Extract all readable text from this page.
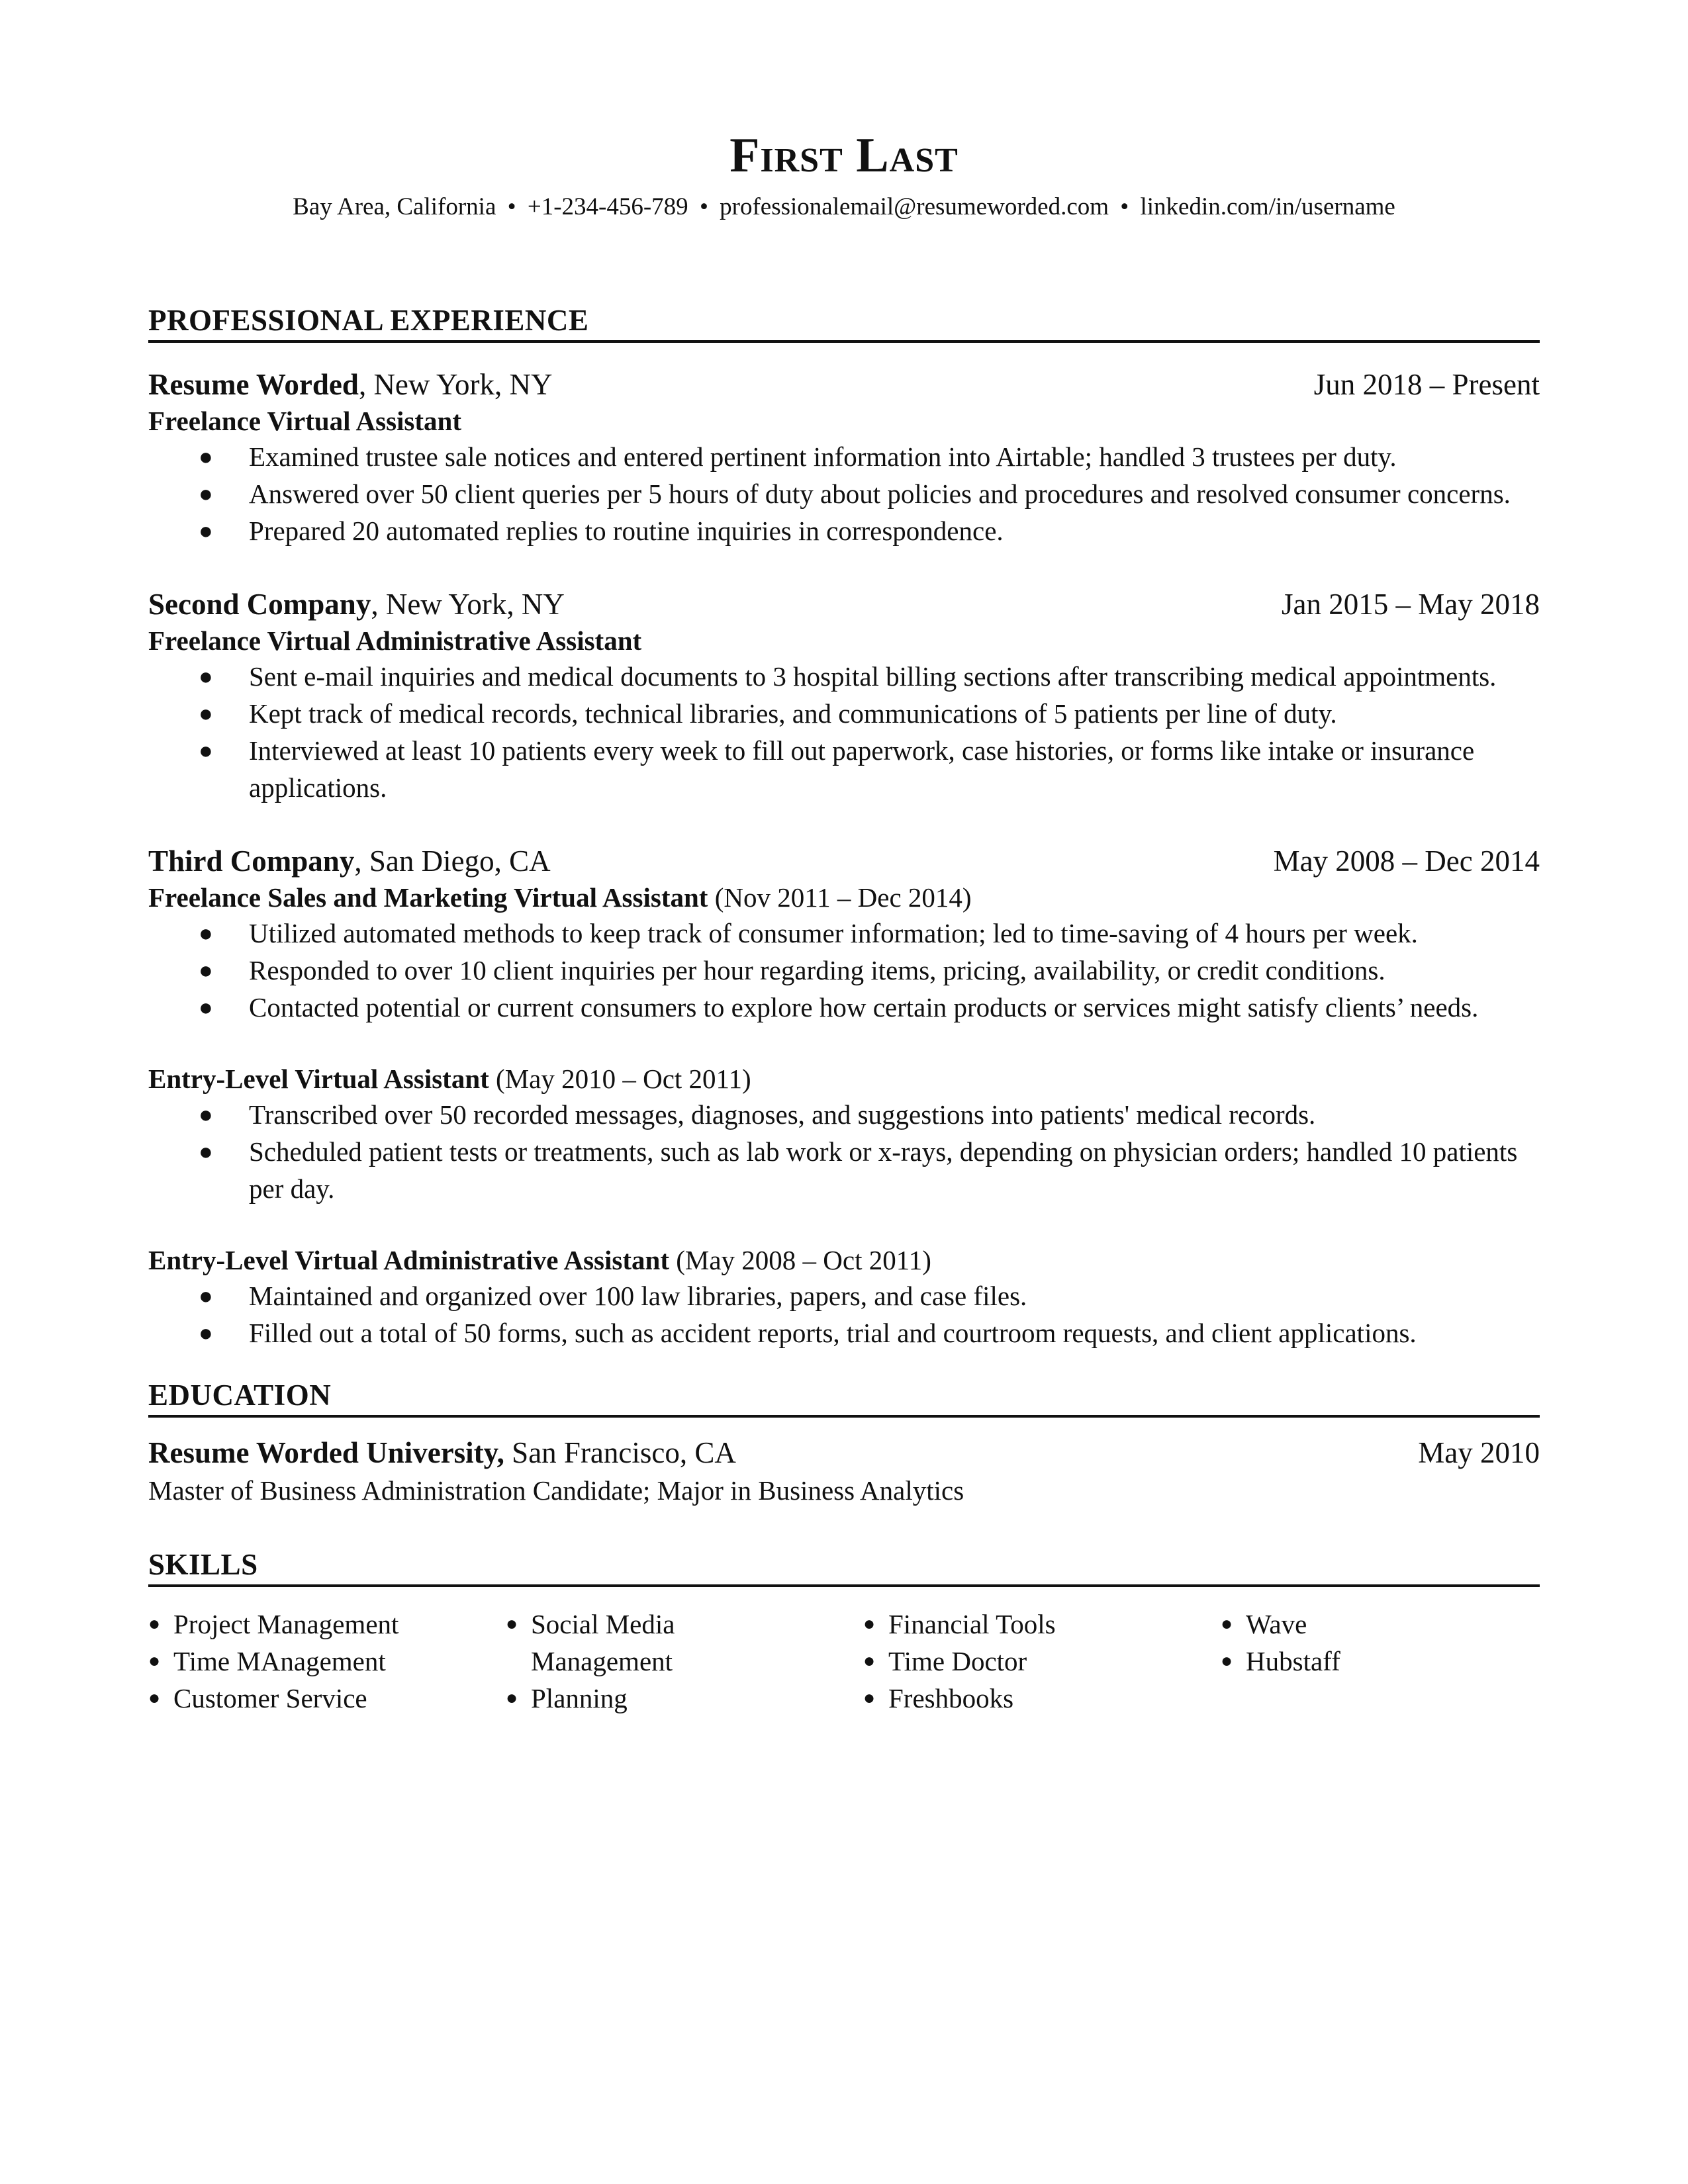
First Last
Bay Area, California • +1-234-456-789 • professionalemail@resumeworded.com • linkedin.com/in/username
PROFESSIONAL EXPERIENCE
Resume Worded, New York, NY	Jun 2018 – Present
Freelance Virtual Assistant
● Examined trustee sale notices and entered pertinent information into Airtable; handled 3 trustees per duty.
● Answered over 50 client queries per 5 hours of duty about policies and procedures and resolved consumer concerns.
● Prepared 20 automated replies to routine inquiries in correspondence.
Second Company, New York, NY	Jan 2015 – May 2018
Freelance Virtual Administrative Assistant
● Sent e-mail inquiries and medical documents to 3 hospital billing sections after transcribing medical appointments.
● Kept track of medical records, technical libraries, and communications of 5 patients per line of duty.
● Interviewed at least 10 patients every week to fill out paperwork, case histories, or forms like intake or insurance applications.
Third Company, San Diego, CA	May 2008 – Dec 2014
Freelance Sales and Marketing Virtual Assistant (Nov 2011 – Dec 2014)
● Utilized automated methods to keep track of consumer information; led to time-saving of 4 hours per week.
● Responded to over 10 client inquiries per hour regarding items, pricing, availability, or credit conditions.
● Contacted potential or current consumers to explore how certain products or services might satisfy clients’ needs.
Entry-Level Virtual Assistant (May 2010 – Oct 2011)
● Transcribed over 50 recorded messages, diagnoses, and suggestions into patients' medical records.
● Scheduled patient tests or treatments, such as lab work or x-rays, depending on physician orders; handled 10 patients per day.
Entry-Level Virtual Administrative Assistant (May 2008 – Oct 2011)
● Maintained and organized over 100 law libraries, papers, and case files.
● Filled out a total of 50 forms, such as accident reports, trial and courtroom requests, and client applications.
EDUCATION
Resume Worded University, San Francisco, CA	May 2010
Master of Business Administration Candidate; Major in Business Analytics
SKILLS
● Project Management
● Time MAnagement
● Customer Service
● Social Media Management
● Planning
● Financial Tools
● Time Doctor
● Freshbooks
● Wave
● Hubstaff
